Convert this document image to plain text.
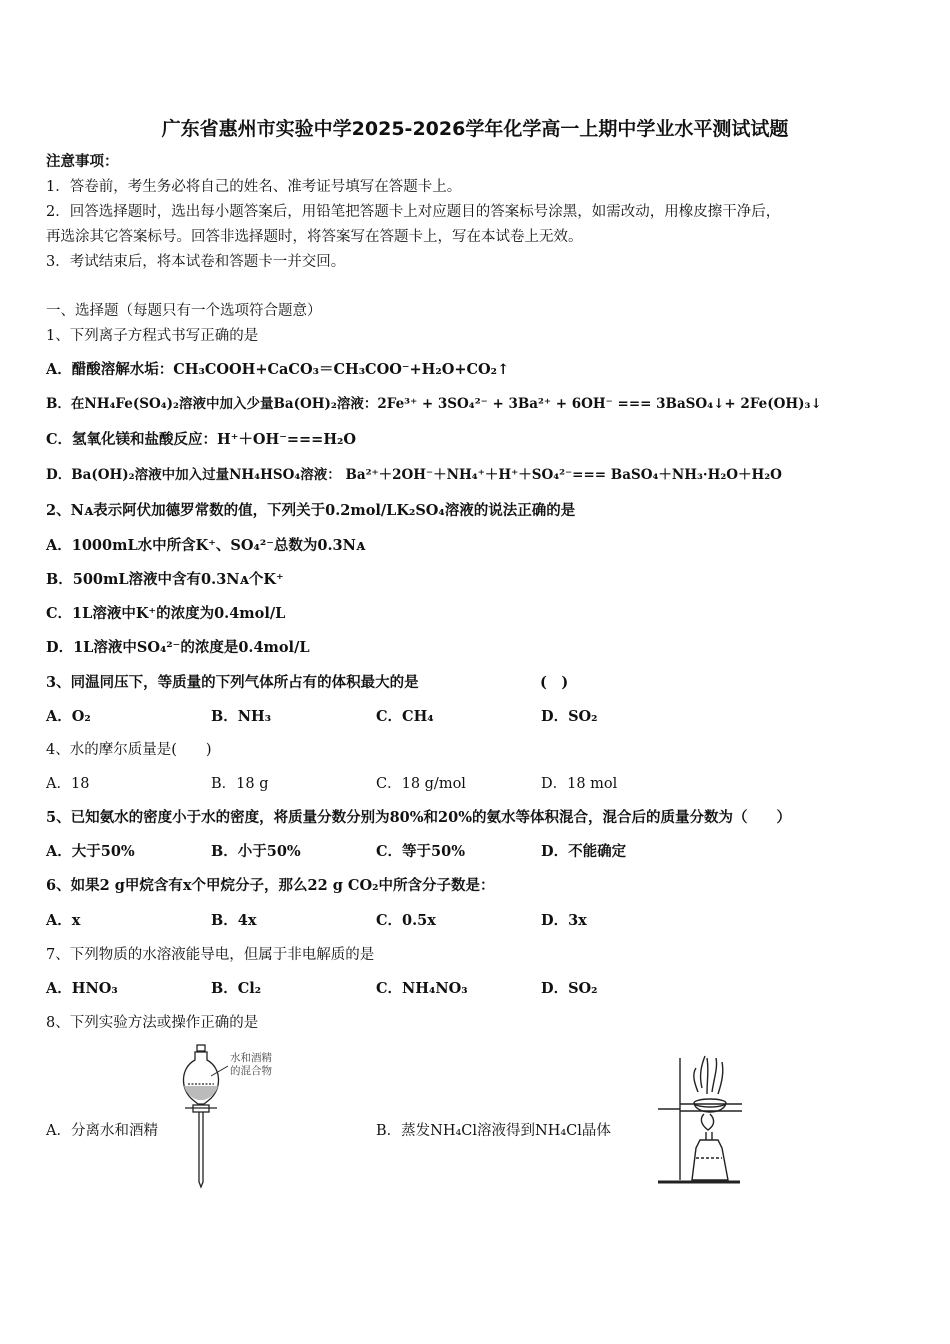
广东省惠州市实验中学2025-2026学年化学高一上期中学业水平测试试题
注意事项：
1．答卷前，考生务必将自己的姓名、准考证号填写在答题卡上。
2．回答选择题时，选出每小题答案后，用铅笔把答题卡上对应题目的答案标号涂黑，如需改动，用橡皮擦干净后，
再选涂其它答案标号。回答非选择题时，将答案写在答题卡上，写在本试卷上无效。
3．考试结束后，将本试卷和答题卡一并交回。
一、选择题（每题只有一个选项符合题意）
1、下列离子方程式书写正确的是
A．醋酸溶解水垢：CH₃COOH+CaCO₃＝CH₃COO⁻+H₂O+CO₂↑
B．在NH₄Fe(SO₄)₂溶液中加入少量Ba(OH)₂溶液：2Fe³⁺ + 3SO₄²⁻ + 3Ba²⁺ + 6OH⁻ === 3BaSO₄↓+ 2Fe(OH)₃↓
C．氢氧化镁和盐酸反应：H⁺＋OH⁻===H₂O
D．Ba(OH)₂溶液中加入过量NH₄HSO₄溶液： Ba²⁺＋2OH⁻＋NH₄⁺＋H⁺＋SO₄²⁻=== BaSO₄＋NH₃·H₂O＋H₂O
2、Nᴀ表示阿伏加德罗常数的值，下列关于0.2mol/LK₂SO₄溶液的说法正确的是
A．1000mL水中所含K⁺、SO₄²⁻总数为0.3Nᴀ
B．500mL溶液中含有0.3Nᴀ个K⁺
C．1L溶液中K⁺的浓度为0.4mol/L
D．1L溶液中SO₄²⁻的浓度是0.4mol/L
3、同温同压下，等质量的下列气体所占有的体积最大的是	(　)
A．O₂	B．NH₃	C．CH₄	D．SO₂
4、水的摩尔质量是(　　)
A．18	B．18 g	C．18 g/mol	D．18 mol
5、已知氨水的密度小于水的密度，将质量分数分别为80%和20%的氨水等体积混合，混合后的质量分数为（　　）
A．大于50%	B．小于50%	C．等于50%	D．不能确定
6、如果2 g甲烷含有x个甲烷分子，那么22 g CO₂中所含分子数是：
A．x	B．4x	C．0.5x	D．3x
7、下列物质的水溶液能导电，但属于非电解质的是
A．HNO₃	B．Cl₂	C．NH₄NO₃	D．SO₂
8、下列实验方法或操作正确的是
A．分离水和酒精	B．蒸发NH₄Cl溶液得到NH₄Cl晶体
水和酒精
的混合物
